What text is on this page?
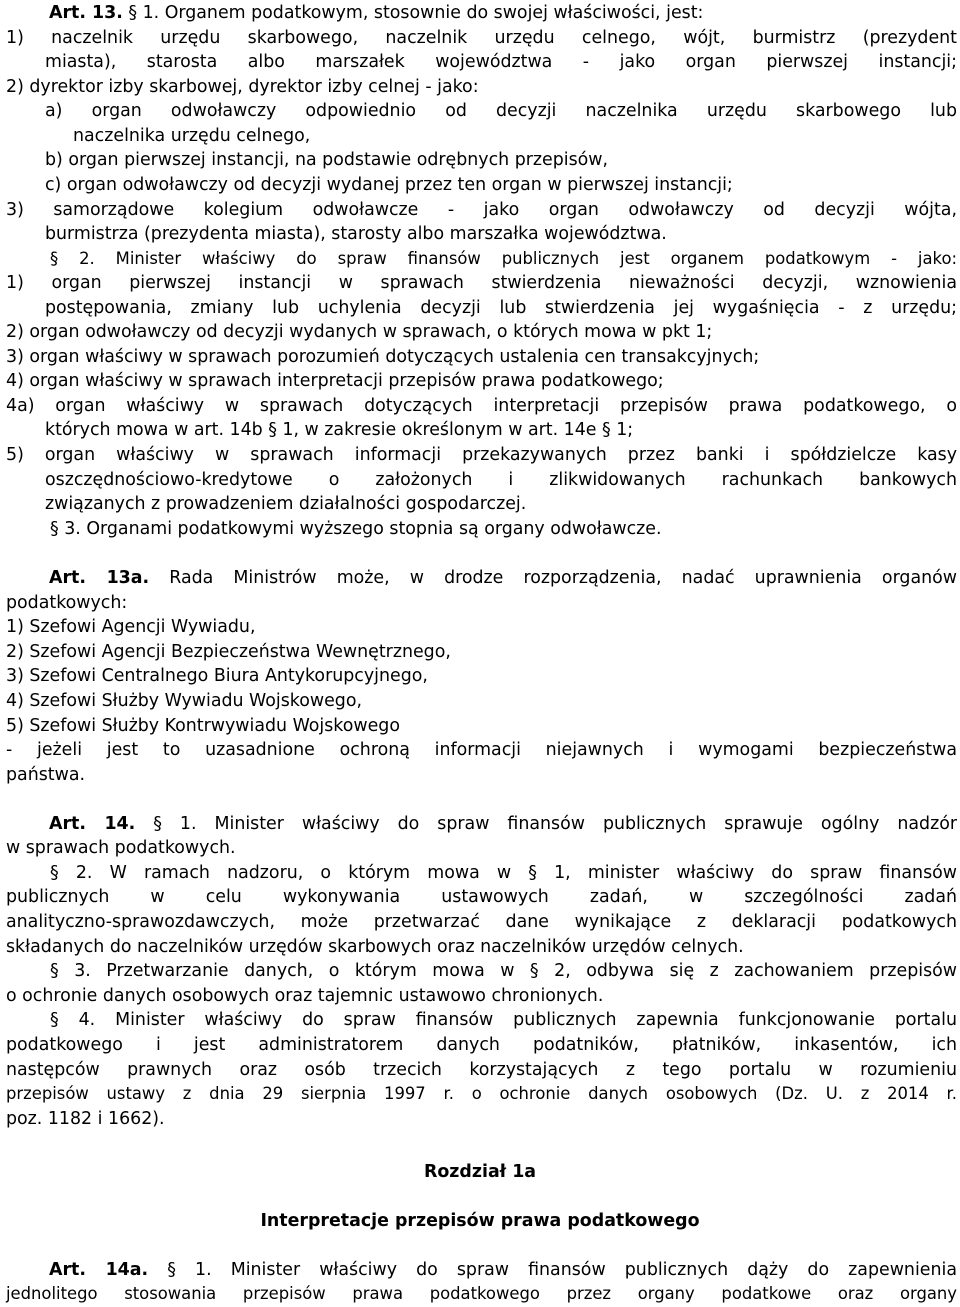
Art. 13. § 1. Organem podatkowym, stosownie do swojej właściwości, jest:
1) naczelnik urzędu skarbowego, naczelnik urzędu celnego, wójt, burmistrz (prezydent
miasta), starosta albo marszałek województwa - jako organ pierwszej instancji;
2) dyrektor izby skarbowej, dyrektor izby celnej - jako:
a) organ odwoławczy odpowiednio od decyzji naczelnika urzędu skarbowego lub
naczelnika urzędu celnego,
b) organ pierwszej instancji, na podstawie odrębnych przepisów,
c) organ odwoławczy od decyzji wydanej przez ten organ w pierwszej instancji;
3) samorządowe kolegium odwoławcze - jako organ odwoławczy od decyzji wójta,
burmistrza (prezydenta miasta), starosty albo marszałka województwa.
§ 2. Minister właściwy do spraw finansów publicznych jest organem podatkowym - jako:
1) organ pierwszej instancji w sprawach stwierdzenia nieważności decyzji, wznowienia
postępowania, zmiany lub uchylenia decyzji lub stwierdzenia jej wygaśnięcia - z urzędu;
2) organ odwoławczy od decyzji wydanych w sprawach, o których mowa w pkt 1;
3) organ właściwy w sprawach porozumień dotyczących ustalenia cen transakcyjnych;
4) organ właściwy w sprawach interpretacji przepisów prawa podatkowego;
4a) organ właściwy w sprawach dotyczących interpretacji przepisów prawa podatkowego, o
których mowa w art. 14b § 1, w zakresie określonym w art. 14e § 1;
5) organ właściwy w sprawach informacji przekazywanych przez banki i spółdzielcze kasy
oszczędnościowo-kredytowe o założonych i zlikwidowanych rachunkach bankowych
związanych z prowadzeniem działalności gospodarczej.
§ 3. Organami podatkowymi wyższego stopnia są organy odwoławcze.
Art. 13a. Rada Ministrów może, w drodze rozporządzenia, nadać uprawnienia organów
podatkowych:
1) Szefowi Agencji Wywiadu,
2) Szefowi Agencji Bezpieczeństwa Wewnętrznego,
3) Szefowi Centralnego Biura Antykorupcyjnego,
4) Szefowi Służby Wywiadu Wojskowego,
5) Szefowi Służby Kontrwywiadu Wojskowego
- jeżeli jest to uzasadnione ochroną informacji niejawnych i wymogami bezpieczeństwa
państwa.
Art. 14. § 1. Minister właściwy do spraw finansów publicznych sprawuje ogólny nadzór
w sprawach podatkowych.
§ 2. W ramach nadzoru, o którym mowa w § 1, minister właściwy do spraw finansów
publicznych w celu wykonywania ustawowych zadań, w szczególności zadań
analityczno-sprawozdawczych, może przetwarzać dane wynikające z deklaracji podatkowych
składanych do naczelników urzędów skarbowych oraz naczelników urzędów celnych.
§ 3. Przetwarzanie danych, o którym mowa w § 2, odbywa się z zachowaniem przepisów
o ochronie danych osobowych oraz tajemnic ustawowo chronionych.
§ 4. Minister właściwy do spraw finansów publicznych zapewnia funkcjonowanie portalu
podatkowego i jest administratorem danych podatników, płatników, inkasentów, ich
następców prawnych oraz osób trzecich korzystających z tego portalu w rozumieniu
przepisów ustawy z dnia 29 sierpnia 1997 r. o ochronie danych osobowych (Dz. U. z 2014 r.
poz. 1182 i 1662).
Rozdział 1a
Interpretacje przepisów prawa podatkowego
Art. 14a. § 1. Minister właściwy do spraw finansów publicznych dąży do zapewnienia
jednolitego stosowania przepisów prawa podatkowego przez organy podatkowe oraz organy
